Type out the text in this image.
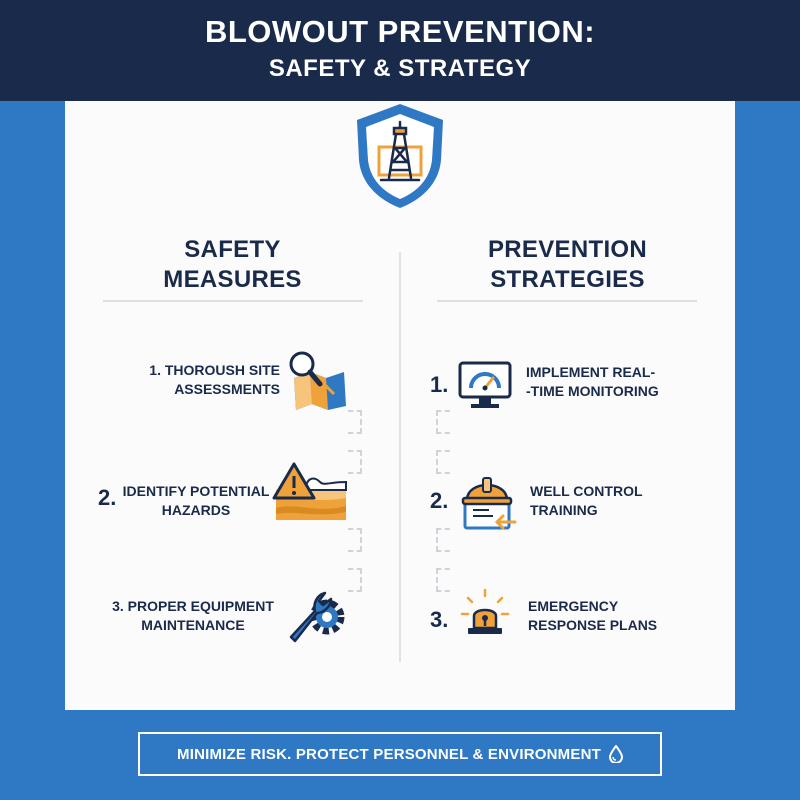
BLOWOUT PREVENTION:
SAFETY & STRATEGY
SAFETY
MEASURES
PREVENTION
STRATEGIES
1. THOROUSH SITE
ASSESSMENTS
2. IDENTIFY POTENTIAL
HAZARDS
3. PROPER EQUIPMENT
MAINTENANCE
1.	IMPLEMENT REAL-
-TIME MONITORING
2.	WELL CONTROL
TRAINING
3.
EMERGENCY
RESPONSE PLANS
MINIMIZE RISK. PROTECT PERSONNEL & ENVIRONMENT
